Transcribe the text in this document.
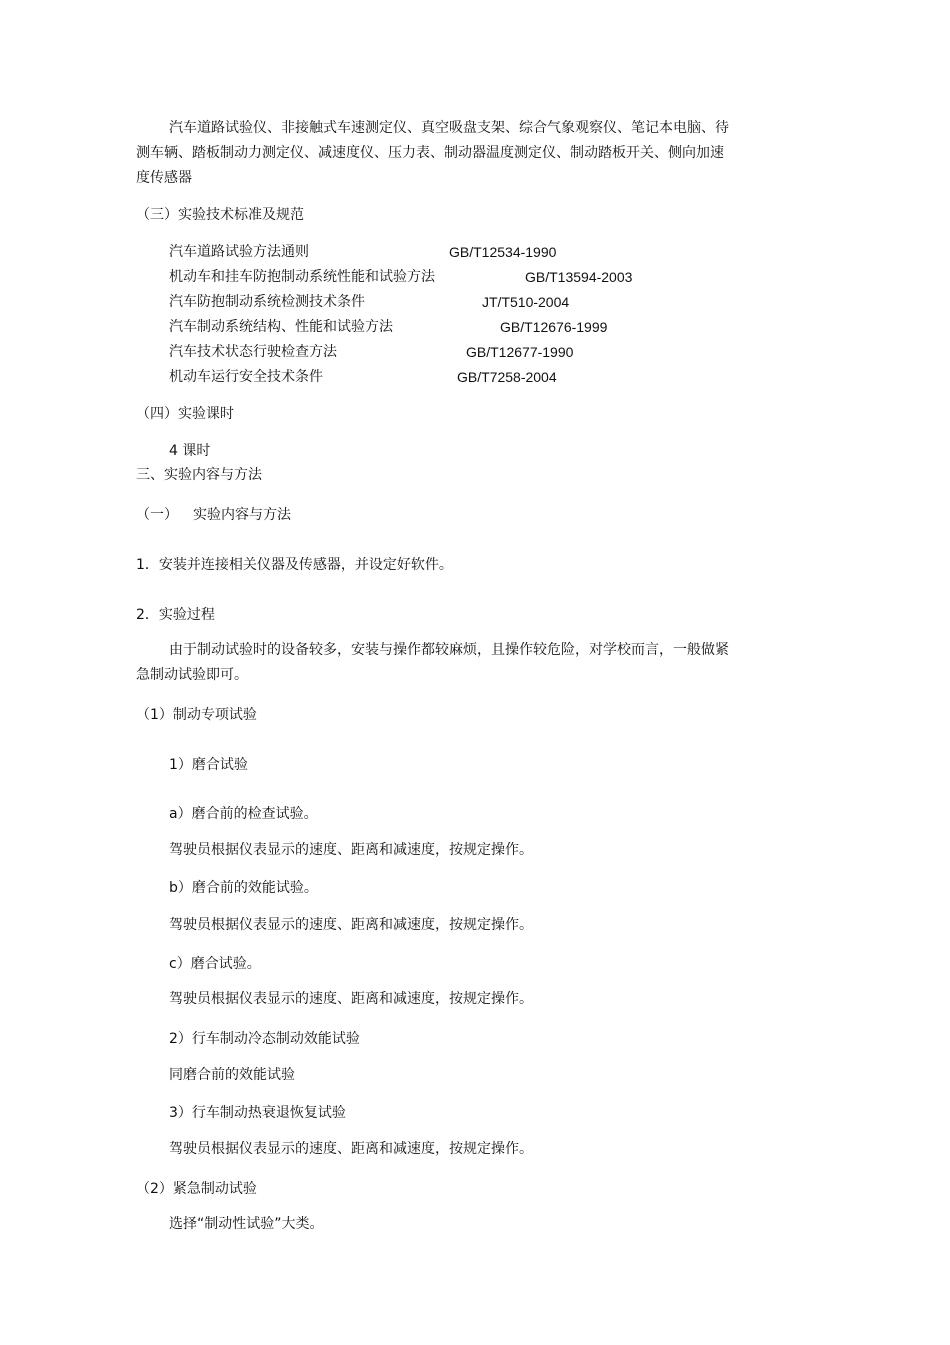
汽车道路试验仪、非接触式车速测定仪、真空吸盘支架、综合气象观察仪、笔记本电脑、待
测车辆、踏板制动力测定仪、减速度仪、压力表、制动器温度测定仪、制动踏板开关、侧向加速
度传感器
（三）实验技术标准及规范
汽车道路试验方法通则	GB/T12534-1990
机动车和挂车防抱制动系统性能和试验方法	GB/T13594-2003
汽车防抱制动系统检测技术条件	JT/T510-2004
汽车制动系统结构、性能和试验方法	GB/T12676-1999
汽车技术状态行驶检查方法	GB/T12677-1990
机动车运行安全技术条件	GB/T7258-2004
（四）实验课时
4 课时
三、实验内容与方法
（一） 实验内容与方法
1．安装并连接相关仪器及传感器，并设定好软件。
2．实验过程
由于制动试验时的设备较多，安装与操作都较麻烦，且操作较危险，对学校而言，一般做紧
急制动试验即可。
（1）制动专项试验
1）磨合试验
a）磨合前的检查试验。
驾驶员根据仪表显示的速度、距离和减速度，按规定操作。
b）磨合前的效能试验。
驾驶员根据仪表显示的速度、距离和减速度，按规定操作。
c）磨合试验。
驾驶员根据仪表显示的速度、距离和减速度，按规定操作。
2）行车制动冷态制动效能试验
同磨合前的效能试验
3）行车制动热衰退恢复试验
驾驶员根据仪表显示的速度、距离和减速度，按规定操作。
（2）紧急制动试验
选择“制动性试验”大类。
